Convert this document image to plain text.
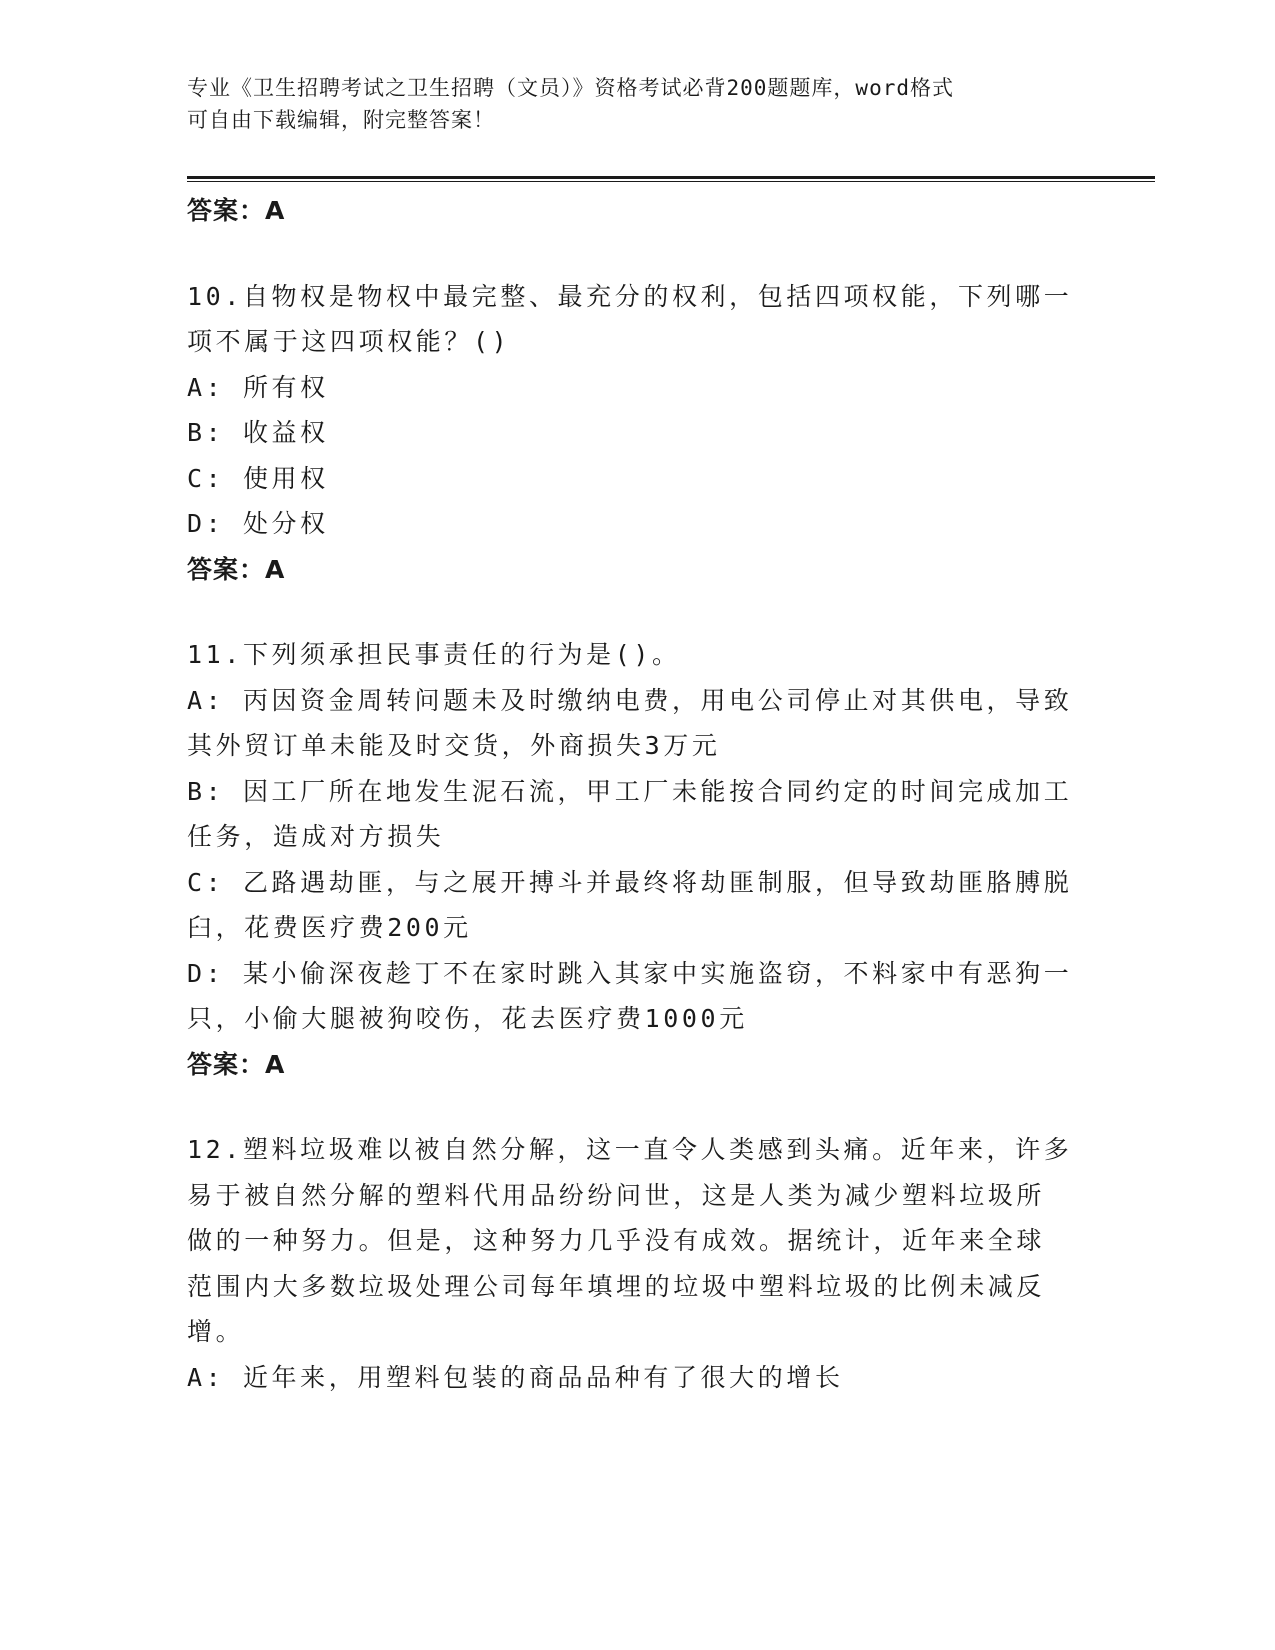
专业《卫生招聘考试之卫生招聘（文员）》资格考试必背200题题库，word格式

可自由下载编辑，附完整答案！

答案：A

10.自物权是物权中最完整、最充分的权利，包括四项权能，下列哪一

项不属于这四项权能？()

A: 所有权

B: 收益权

C: 使用权

D: 处分权

答案：A

11.下列须承担民事责任的行为是()。

A: 丙因资金周转问题未及时缴纳电费，用电公司停止对其供电，导致

其外贸订单未能及时交货，外商损失3万元

B: 因工厂所在地发生泥石流，甲工厂未能按合同约定的时间完成加工

任务，造成对方损失

C: 乙路遇劫匪，与之展开搏斗并最终将劫匪制服，但导致劫匪胳膊脱

臼，花费医疗费200元

D: 某小偷深夜趁丁不在家时跳入其家中实施盗窃，不料家中有恶狗一

只，小偷大腿被狗咬伤，花去医疗费1000元

答案：A

12.塑料垃圾难以被自然分解，这一直令人类感到头痛。近年来，许多

易于被自然分解的塑料代用品纷纷问世，这是人类为减少塑料垃圾所

做的一种努力。但是，这种努力几乎没有成效。据统计，近年来全球

范围内大多数垃圾处理公司每年填埋的垃圾中塑料垃圾的比例未减反

增。

A: 近年来，用塑料包装的商品品种有了很大的增长
